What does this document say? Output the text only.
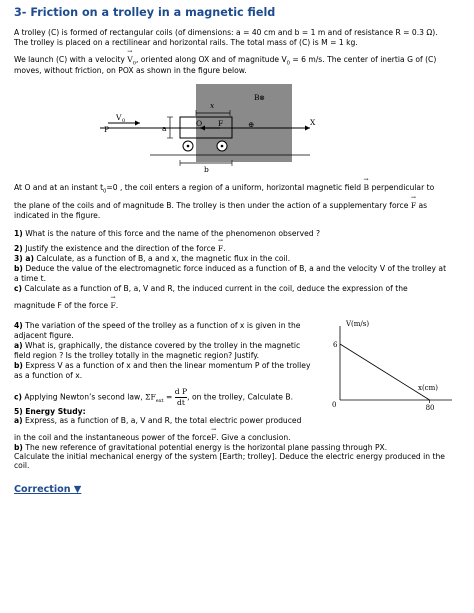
3- Friction on a trolley in a magnetic field

A trolley (C) is formed of rectangular coils (of dimensions: a = 40 cm and b = 1 m and of resistance R = 0.3 Ω).

The trolley is placed on a rectilinear and horizontal rails. The total mass of (C) is M = 1 kg.

We launch (C) with a velocity → $V_0$, oriented along OX and of magnitude $V_0 = 6$ m/s. The center of inertia G of (C)

moves, without friction, on POX as shown in the figure below.

B ⊗
x
P
V 0
a
O F	⊕	X
b

At O and at an instant $t_0=0$ , the coil enters a region of a uniform, horizontal magnetic field → B perpendicular to

the plane of the coils and of magnitude B. The trolley is then under the action of a supplementary force → F as

indicated in the figure.

1) What is the nature of this force and the name of the phenomenon observed ?

2) Justify the existence and the direction of the force → F.

3) a) Calculate, as a function of B, a and x, the magnetic flux in the coil.

b) Deduce the value of the electromagnetic force induced as a function of B, a and the velocity V of the trolley at

a time t.

c) Calculate as a function of B, a, V and R, the induced current in the coil, deduce the expression of the

magnitude F of the force → F.

4) The variation of the speed of the trolley as a function of x is given in the

adjacent figure.

a) What is, graphically, the distance covered by the trolley in the magnetic

field region ? Is the trolley totally in the magnetic region? Justify.

b) Express V as a function of x and then the linear momentum P of the trolley

as a function of x.

c) Applying Newton’s second law, $\Sigma F_{ext} = \frac{\text{d P}}{dt}$ , on the trolley, Calculate B.
V(m/s)
x(cm)
0
6
80

5) Energy Study:

a) Express, as a function of B, a, V and R, the total electric power produced

in the coil and the instantaneous power of the force→ F. Give a conclusion.

b) The new reference of gravitational potential energy is the horizontal plane passing through PX.

Calculate the initial mechanical energy of the system [Earth; trolley]. Deduce the electric energy produced in the

coil.

Correction ▼
